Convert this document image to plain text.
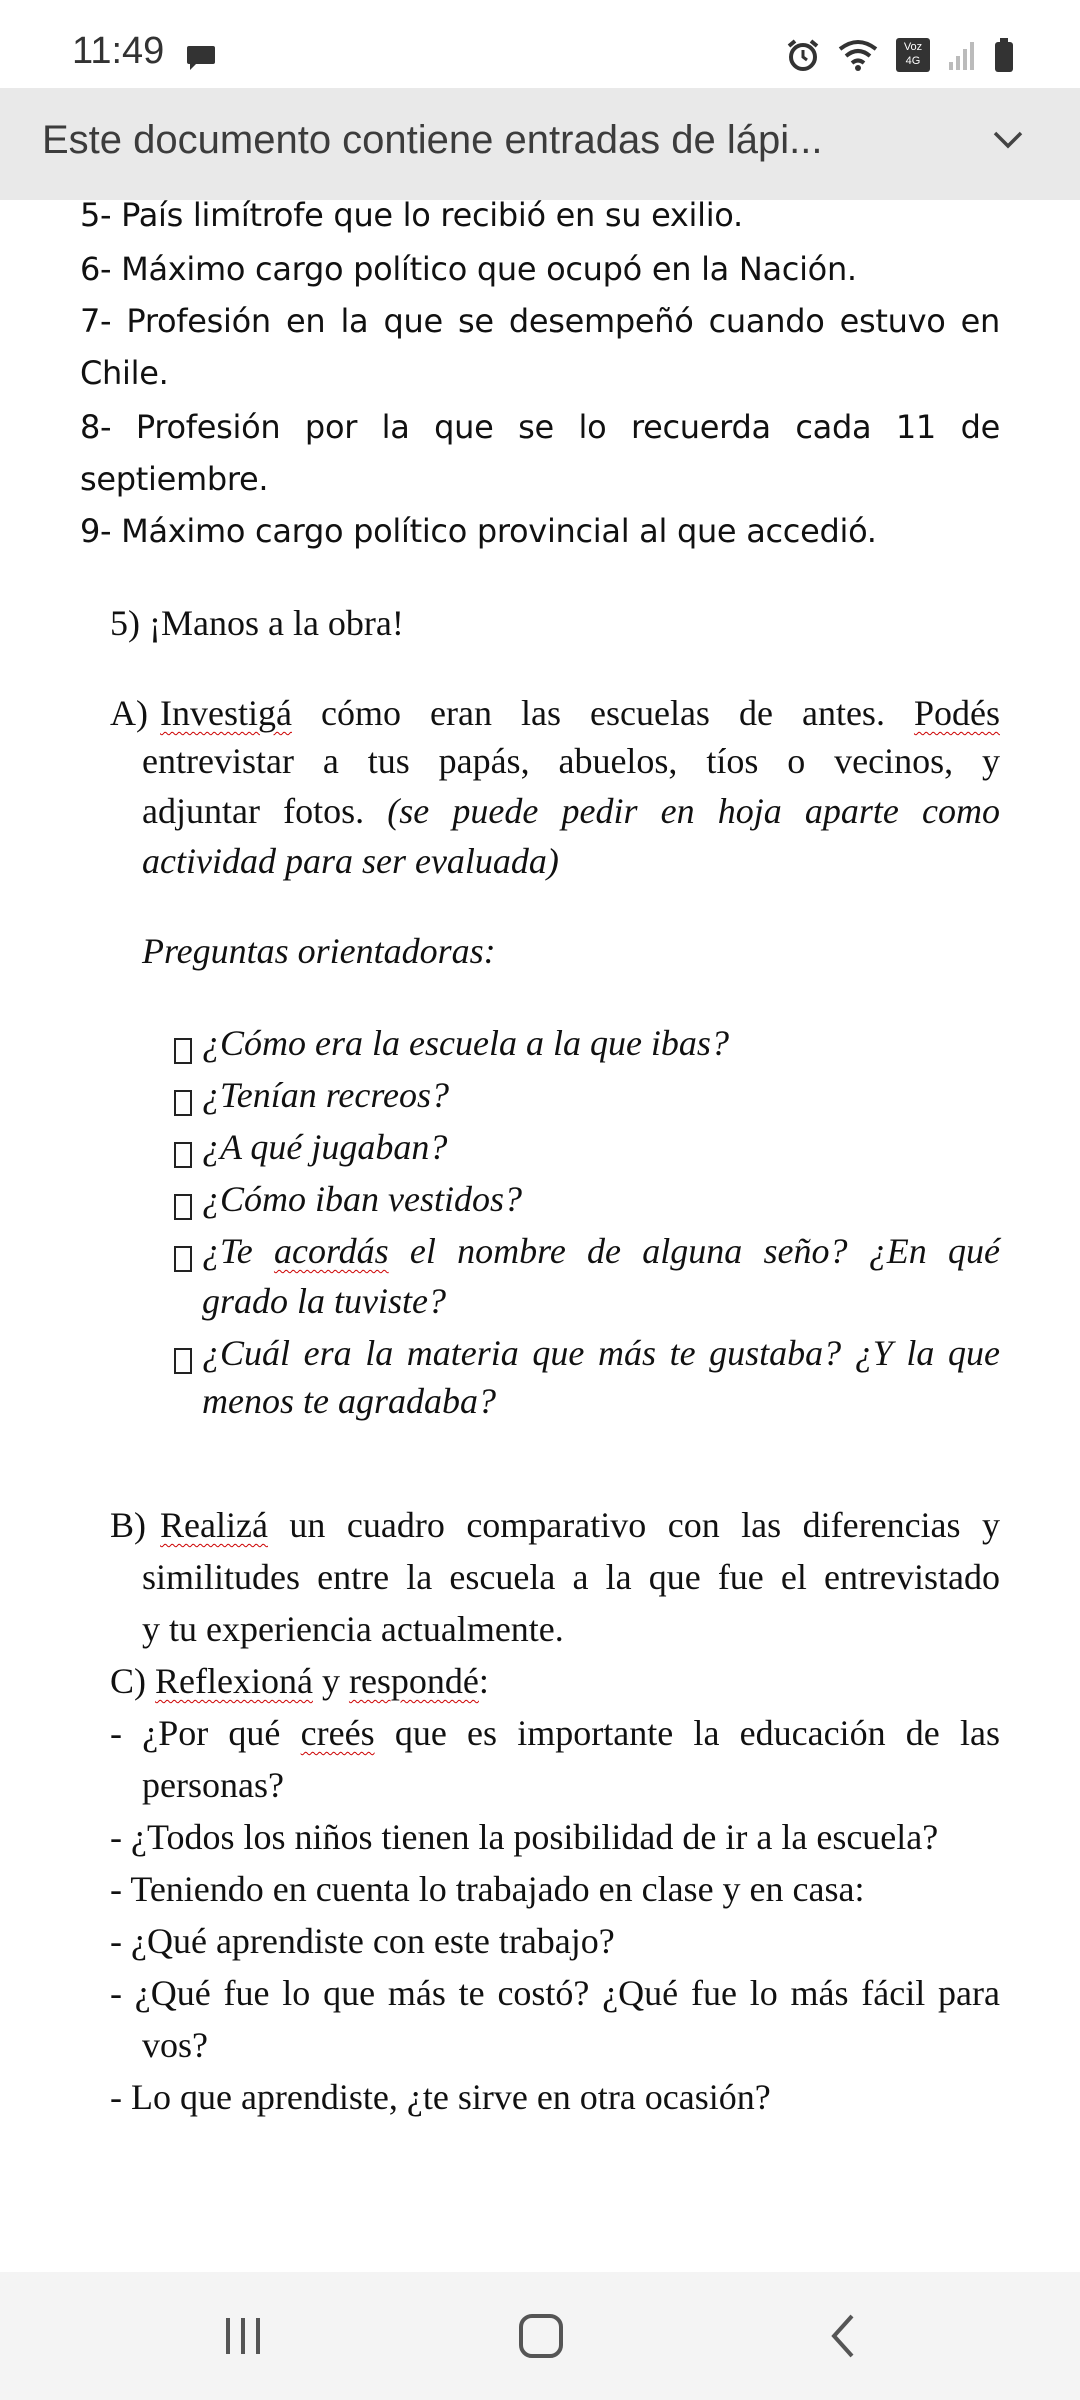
11:49	Voz 4G
Este documento contiene entradas de lápi...
5- País limítrofe que lo recibió en su exilio.
6- Máximo cargo político que ocupó en la Nación.
7- Profesión en la que se desempeñó cuando estuvo en
Chile.
8- Profesión por la que se lo recuerda cada 11 de
septiembre.
9- Máximo cargo político provincial al que accedió.
5) ¡Manos a la obra!
A) Investigá cómo eran las escuelas de antes. Podés
entrevistar a tus papás, abuelos, tíos o vecinos, y
adjuntar fotos. (se puede pedir en hoja aparte como
actividad para ser evaluada)
Preguntas orientadoras:
¿Cómo era la escuela a la que ibas?
¿Tenían recreos?
¿A qué jugaban?
¿Cómo iban vestidos?
¿Te acordás el nombre de alguna seño? ¿En qué
grado la tuviste?
¿Cuál era la materia que más te gustaba? ¿Y la que
menos te agradaba?
B) Realizá un cuadro comparativo con las diferencias y
similitudes entre la escuela a la que fue el entrevistado
y tu experiencia actualmente.
C) Reflexioná y respondé:
- ¿Por qué creés que es importante la educación de las
personas?
- ¿Todos los niños tienen la posibilidad de ir a la escuela?
- Teniendo en cuenta lo trabajado en clase y en casa:
- ¿Qué aprendiste con este trabajo?
- ¿Qué fue lo que más te costó? ¿Qué fue lo más fácil para
vos?
- Lo que aprendiste, ¿te sirve en otra ocasión?
